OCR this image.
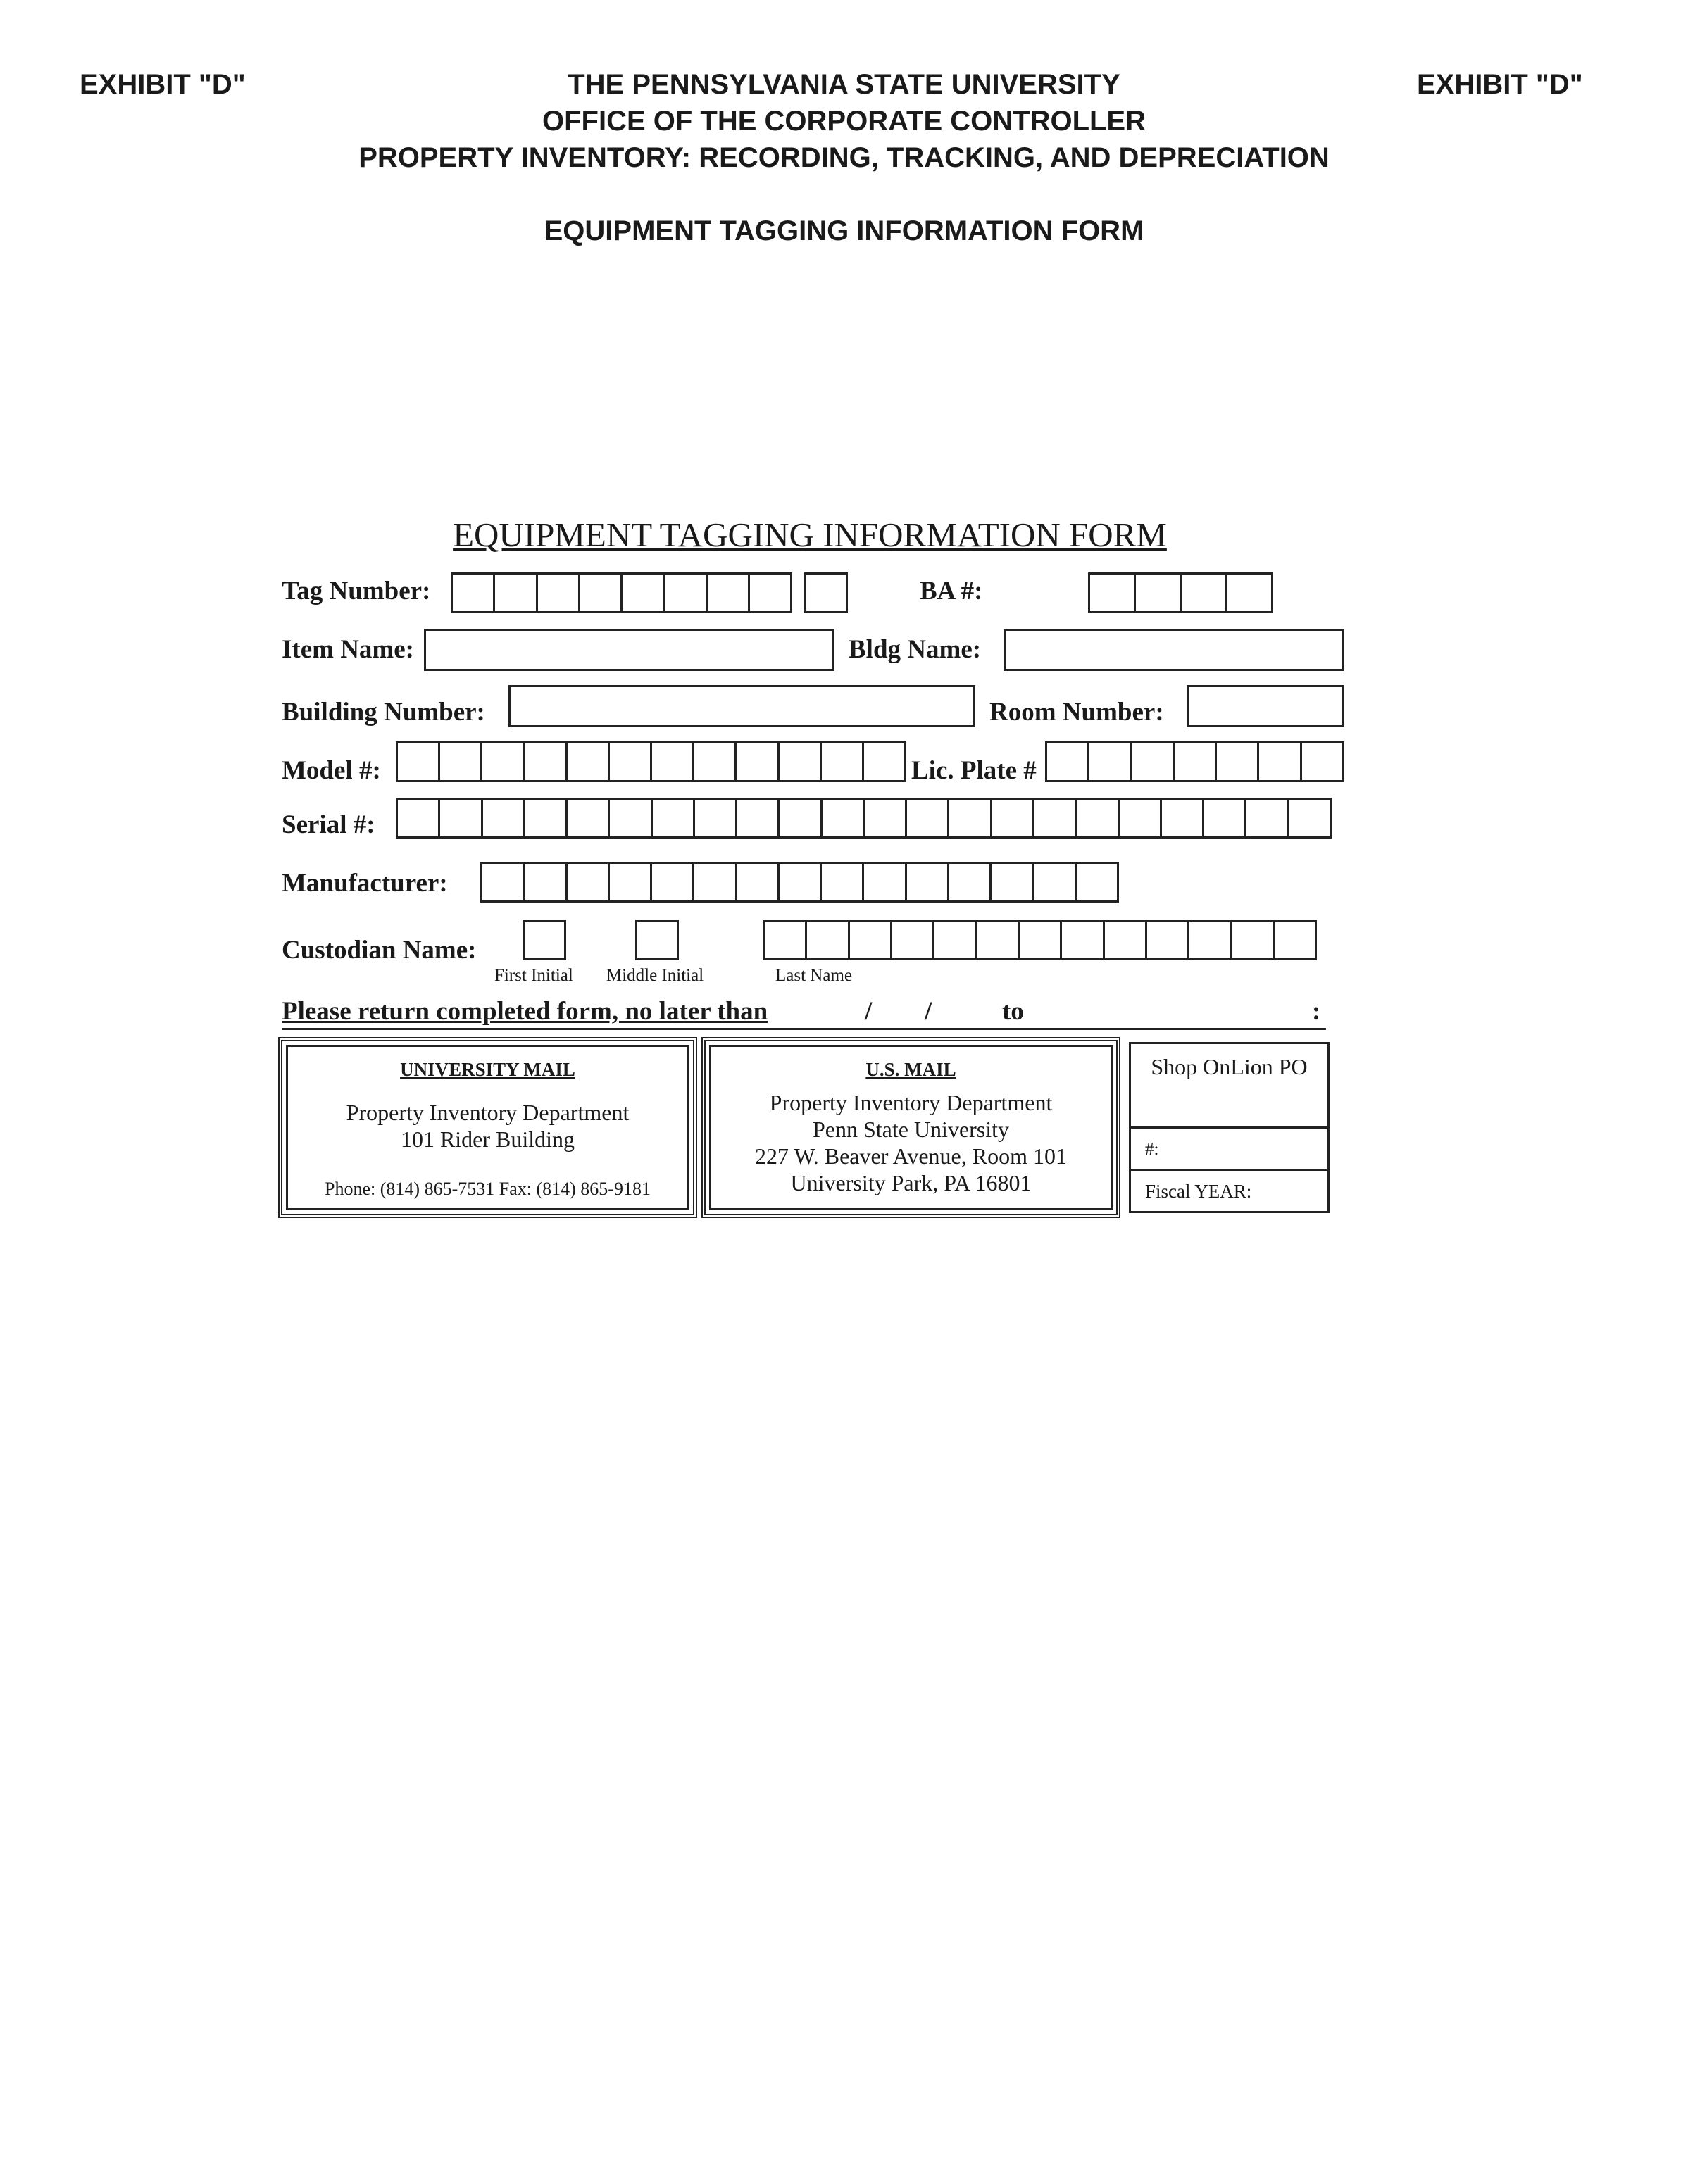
EXHIBIT "D"	EXHIBIT "D"
THE PENNSYLVANIA STATE UNIVERSITY
OFFICE OF THE CORPORATE CONTROLLER
PROPERTY INVENTORY: RECORDING, TRACKING, AND DEPRECIATION
EQUIPMENT TAGGING INFORMATION FORM
EQUIPMENT TAGGING INFORMATION FORM
Tag Number:	BA #:
Item Name:	Bldg Name:
Building Number:	Room Number:
Model #:	Lic. Plate #
Serial #:
Manufacturer:
Custodian Name:
First Initial Middle Initial	Last Name
Please return completed form, no later than	/ /	to	:
UNIVERSITY MAIL
Property Inventory Department
101 Rider Building
Phone: (814) 865-7531 Fax: (814) 865-9181
U.S. MAIL
Property Inventory Department
Penn State University
227 W. Beaver Avenue, Room 101
University Park, PA 16801
Shop OnLion PO
#:
Fiscal YEAR:
